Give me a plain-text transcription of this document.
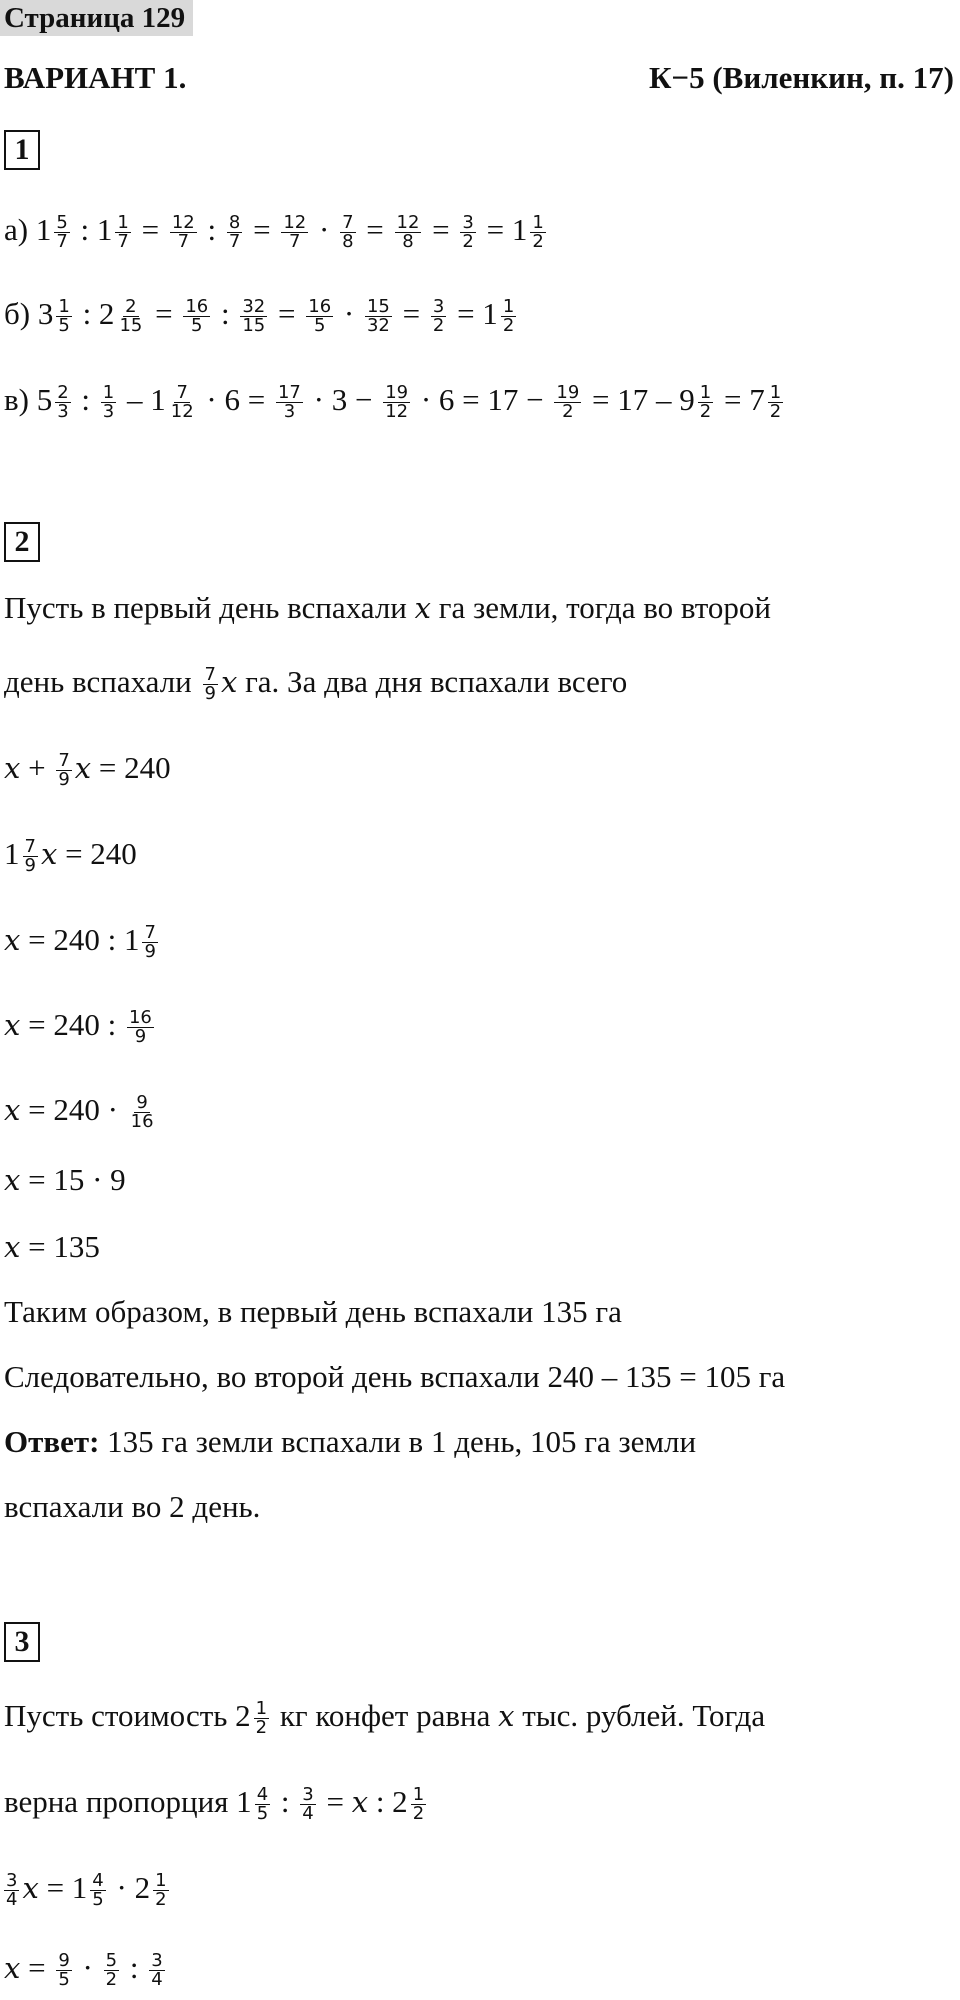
Страница 129
ВАРИАНТ 1.	К−5 (Виленкин, п. 17)
1
а) $1 \frac{5}{7}$ : $1 \frac{1}{7} = \frac{12}{7}$ : $\frac{8}{7} = \frac{12}{7} \cdot \frac{7}{8} = \frac{12}{8} = \frac{3}{2} = 1 \frac{1}{2}$
б) $3 \frac{1}{5}$ : $2 \frac{2}{15} = \frac{16}{5}$ : $\frac{32}{15} = \frac{16}{5} \cdot \frac{15}{32} = \frac{3}{2} = 1 \frac{1}{2}$
в) $5 \frac{2}{3}$ : $\frac{1}{3} - 1 \frac{7}{12} \cdot 6 = \frac{17}{3} \cdot 3 - \frac{19}{12} \cdot 6 = 17 - \frac{19}{2} = 17 - 9 \frac{1}{2} = 7 \frac{1}{2}$
2
Пусть в первый день вспахали x га земли, тогда во второй
день вспахали $\frac{7}{9}$ x га. За два дня вспахали всего
$x + \frac{7}{9}$ x = 240
$1 \frac{7}{9}$ x = 240
x = 240 : $1 \frac{7}{9}$
x = 240 : $\frac{16}{9}$
$x = 240 \cdot \frac{9}{16}$
x = 15 · 9
x = 135
Таким образом, в первый день вспахали 135 га
Следовательно, во второй день вспахали 240 – 135 = 105 га
Ответ: 135 га земли вспахали в 1 день, 105 га земли
вспахали во 2 день.
3
Пусть стоимость $2 \frac{1}{2}$ кг конфет равна x тыс. рублей. Тогда
верна пропорция $1 \frac{4}{5}$ : $\frac{3}{4} = x$ : $2 \frac{1}{2}$
$\frac{3}{4}$ $x = 1 \frac{4}{5} \cdot 2 \frac{1}{2}$
$x = \frac{9}{5} \cdot \frac{5}{2}$ : $\frac{3}{4}$
